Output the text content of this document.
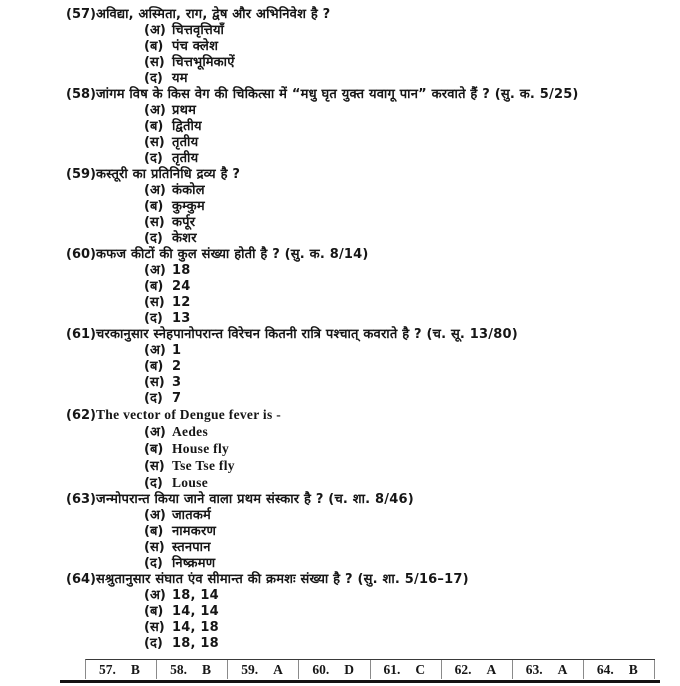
(57) अविद्या, अस्मिता, राग, द्वेष और अभिनिवेश है ?
(अ) चित्तवृत्तियाँ
(ब) पंच क्लेश
(स) चित्तभूमिकाऐं
(द) यम
(58) जांगम विष के किस वेग की चिकित्सा में “मधु घृत युक्त यवागू पान” करवाते हैं ? (सु. क. 5/25)
(अ) प्रथम
(ब) द्वितीय
(स) तृतीय
(द) तृतीय
(59) कस्तूरी का प्रतिनिधि द्रव्य है ?
(अ) कंकोल
(ब) कुम्कुम
(स) कर्पूर
(द) केशर
(60) कफज कीटों की कुल संख्या होती है ? (सु. क. 8/14)
(अ) 18
(ब) 24
(स) 12
(द) 13
(61) चरकानुसार स्नेहपानोपरान्त विरेचन कितनी रात्रि पश्चात् कवराते है ? (च. सू. 13/80)
(अ) 1
(ब) 2
(स) 3
(द) 7
(62) The vector of Dengue fever is -
(अ) Aedes
(ब) House fly
(स) Tse Tse fly
(द) Louse
(63) जन्मोपरान्त किया जाने वाला प्रथम संस्कार है ? (च. शा. 8/46)
(अ) जातकर्म
(ब) नामकरण
(स) स्तनपान
(द) निष्क्रमण
(64) सश्रुतानुसार संघात एंव सीमान्त की क्रमशः संख्या है ? (सु. शा. 5/16–17)
(अ) 18, 14
(ब) 14, 14
(स) 14, 18
(द) 18, 18
57. B 58. B 59. A 60. D 61. C 62. A 63. A 64. B
